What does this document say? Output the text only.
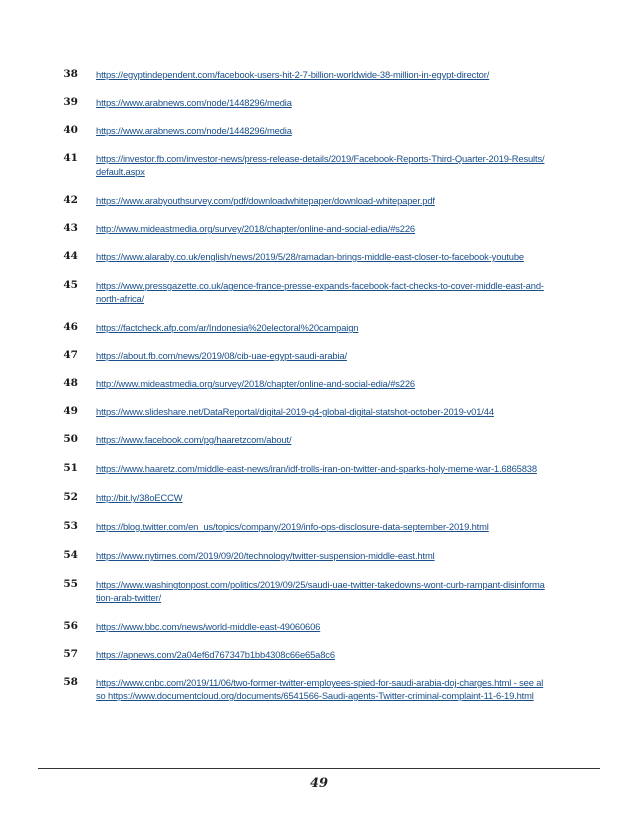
38	https://egyptindependent.com/facebook-users-hit-2-7-billion-worldwide-38-million-in-egypt-director/
39	https://www.arabnews.com/node/1448296/media
40	https://www.arabnews.com/node/1448296/media
41	https://investor.fb.com/investor-news/press-release-details/2019/Facebook-Reports-Third-Quarter-2019-Results/default.aspx
42	https://www.arabyouthsurvey.com/pdf/downloadwhitepaper/download-whitepaper.pdf
43	http://www.mideastmedia.org/survey/2018/chapter/online-and-social-edia/#s226
44	https://www.alaraby.co.uk/english/news/2019/5/28/ramadan-brings-middle-east-closer-to-facebook-youtube
45	https://www.pressgazette.co.uk/agence-france-presse-expands-facebook-fact-checks-to-cover-middle-east-and-north-africa/
46	https://factcheck.afp.com/ar/Indonesia%20electoral%20campaign
47	https://about.fb.com/news/2019/08/cib-uae-egypt-saudi-arabia/
48	http://www.mideastmedia.org/survey/2018/chapter/online-and-social-edia/#s226
49	https://www.slideshare.net/DataReportal/digital-2019-q4-global-digital-statshot-october-2019-v01/44
50	https://www.facebook.com/pg/haaretzcom/about/
51	https://www.haaretz.com/middle-east-news/iran/idf-trolls-iran-on-twitter-and-sparks-holy-meme-war-1.6865838
52	http://bit.ly/38oECCW
53	https://blog.twitter.com/en_us/topics/company/2019/info-ops-disclosure-data-september-2019.html
54	https://www.nytimes.com/2019/09/20/technology/twitter-suspension-middle-east.html
55	https://www.washingtonpost.com/politics/2019/09/25/saudi-uae-twitter-takedowns-wont-curb-rampant-disinformation-arab-twitter/
56	https://www.bbc.com/news/world-middle-east-49060606
57	https://apnews.com/2a04ef6d767347b1bb4308c66e65a8c6
58	https://www.cnbc.com/2019/11/06/two-former-twitter-employees-spied-for-saudi-arabia-doj-charges.html - see also https://www.documentcloud.org/documents/6541566-Saudi-agents-Twitter-criminal-complaint-11-6-19.html
49
